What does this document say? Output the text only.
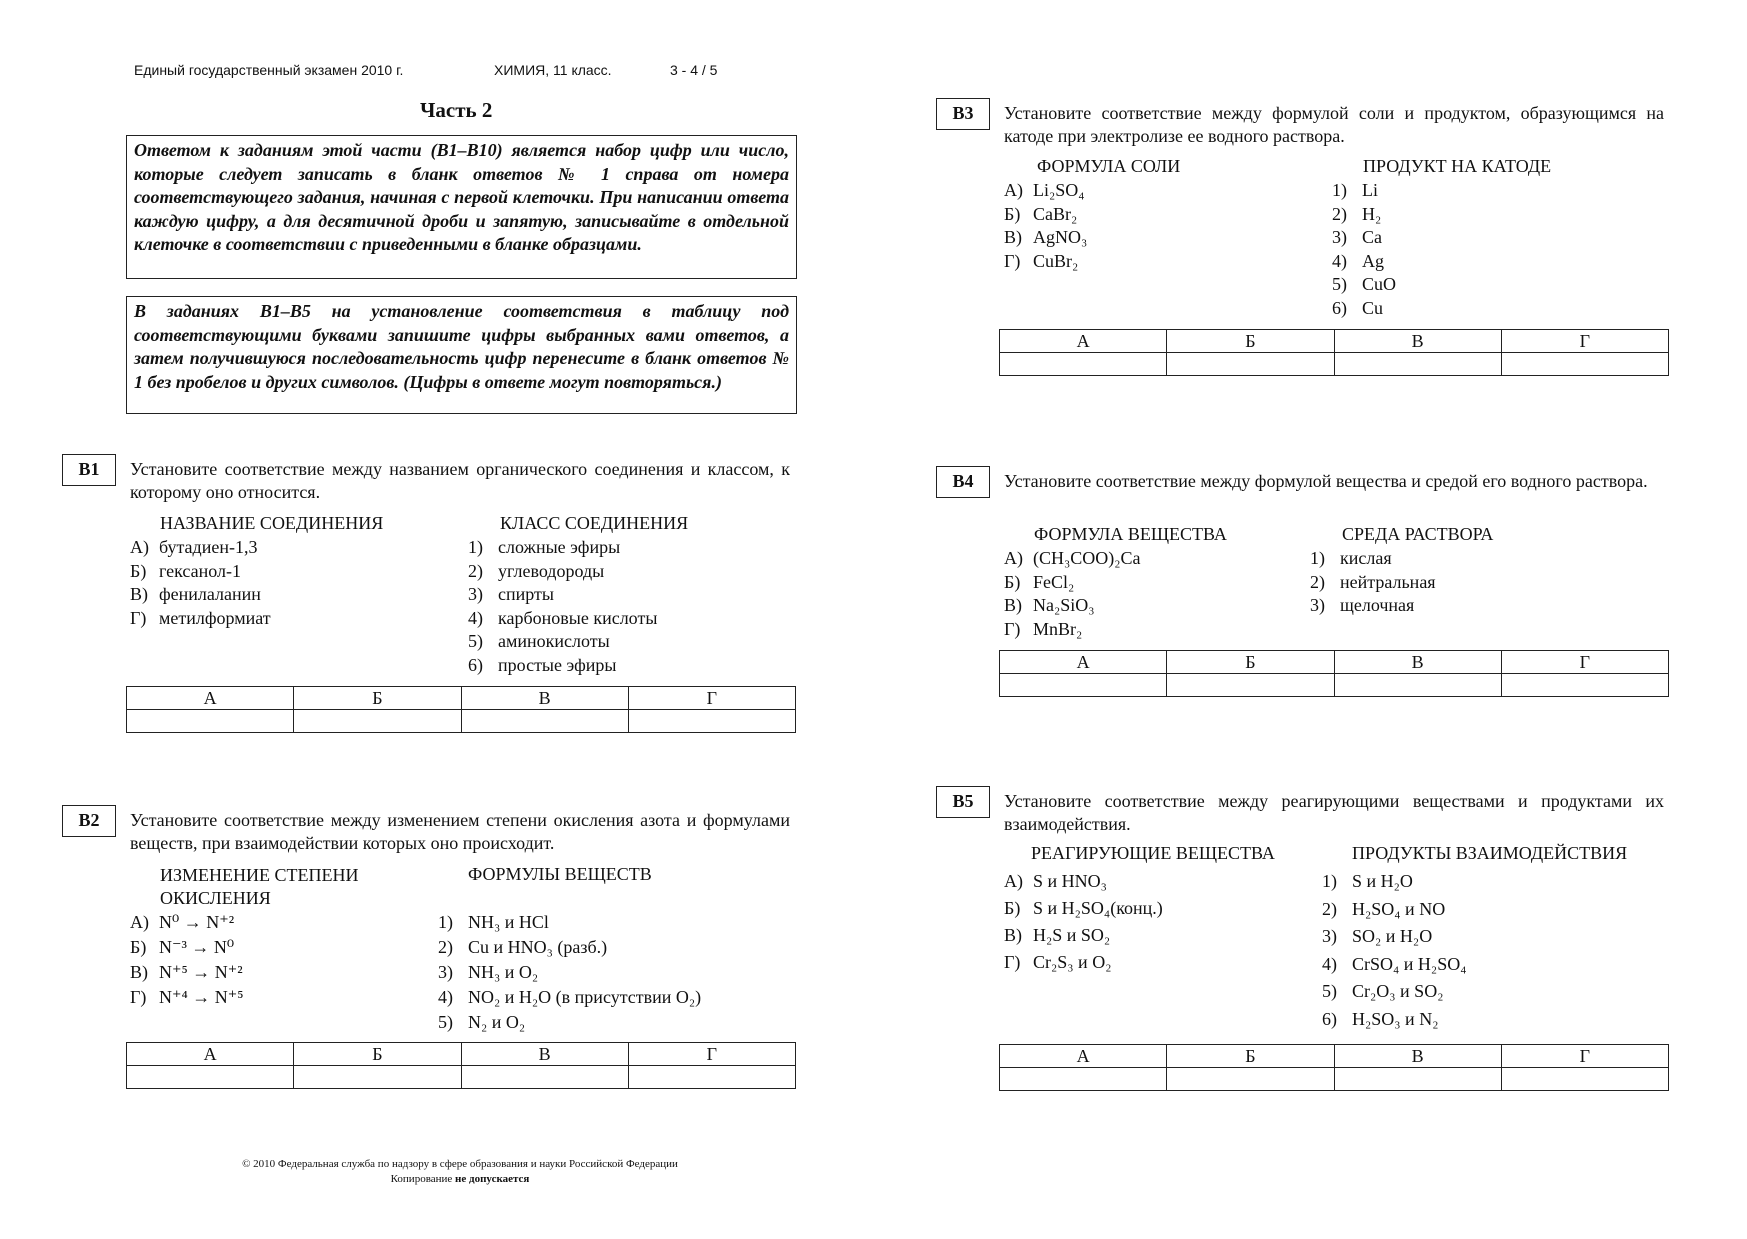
Единый государственный экзамен 2010 г.	ХИМИЯ, 11 класс.	3 - 4 / 5
Часть 2
Ответом к заданиям этой части (В1–В10) является набор цифр или число, которые следует записать в бланк ответов № 1 справа от номера соответствующего задания, начиная с первой клеточки. При написании ответа каждую цифру, а для десятичной дроби и запятую, записывайте в отдельной клеточке в соответствии с приведенными в бланке образцами.
В заданиях В1–В5 на установление соответствия в таблицу под соответствующими буквами запишите цифры выбранных вами ответов, а затем получившуюся последовательность цифр перенесите в бланк ответов № 1 без пробелов и других символов. (Цифры в ответе могут повторяться.)
В1	Установите соответствие между названием органического соединения и классом, к которому оно относится.
НАЗВАНИЕ СОЕДИНЕНИЯ	КЛАСС СОЕДИНЕНИЯ
А) бутадиен-1,3
Б) гексанол-1
В) фенилаланин
Г) метилформиат
1) сложные эфиры
2) углеводороды
3) спирты
4) карбоновые кислоты
5) аминокислоты
6) простые эфиры
А	Б	В	Г

В2	Установите соответствие между изменением степени окисления азота и формулами веществ, при взаимодействии которых оно происходит.
ИЗМЕНЕНИЕ СТЕПЕНИ ОКИСЛЕНИЯ
ФОРМУЛЫ ВЕЩЕСТВ
А) N⁰ → N⁺²
Б) N⁻³ → N⁰
В) N⁺⁵ → N⁺²
Г) N⁺⁴ → N⁺⁵
1) NH₃ и HCl
2) Cu и HNO₃ (разб.)
3) NH₃ и O₂
4) NO₂ и H₂O (в присутствии O₂)
5) N₂ и O₂
А	Б	В	Г

© 2010 Федеральная служба по надзору в сфере образования и науки Российской Федерации
Копирование не допускается
В3	Установите соответствие между формулой соли и продуктом, образующимся на катоде при электролизе ее водного раствора.
ФОРМУЛА СОЛИ	ПРОДУКТ НА КАТОДЕ
А) Li₂SO₄
Б) CaBr₂
В) AgNO₃
Г) CuBr₂
1) Li
2) H₂
3) Ca
4) Ag
5) CuO
6) Cu
А	Б	В	Г

В4	Установите соответствие между формулой вещества и средой его водного раствора.
ФОРМУЛА ВЕЩЕСТВА	СРЕДА РАСТВОРА
А) (CH₃COO)₂Ca
Б) FeCl₂
В) Na₂SiO₃
Г) MnBr₂
1) кислая
2) нейтральная
3) щелочная
А	Б	В	Г

В5	Установите соответствие между реагирующими веществами и продуктами их взаимодействия.
РЕАГИРУЮЩИЕ ВЕЩЕСТВА	ПРОДУКТЫ ВЗАИМОДЕЙСТВИЯ
А) S и HNO₃
Б) S и H₂SO₄(конц.)
В) H₂S и SO₂
Г) Cr₂S₃ и O₂
1) S и H₂O
2) H₂SO₄ и NO
3) SO₂ и H₂O
4) CrSO₄ и H₂SO₄
5) Cr₂O₃ и SO₂
6) H₂SO₃ и N₂
А	Б	В	Г
